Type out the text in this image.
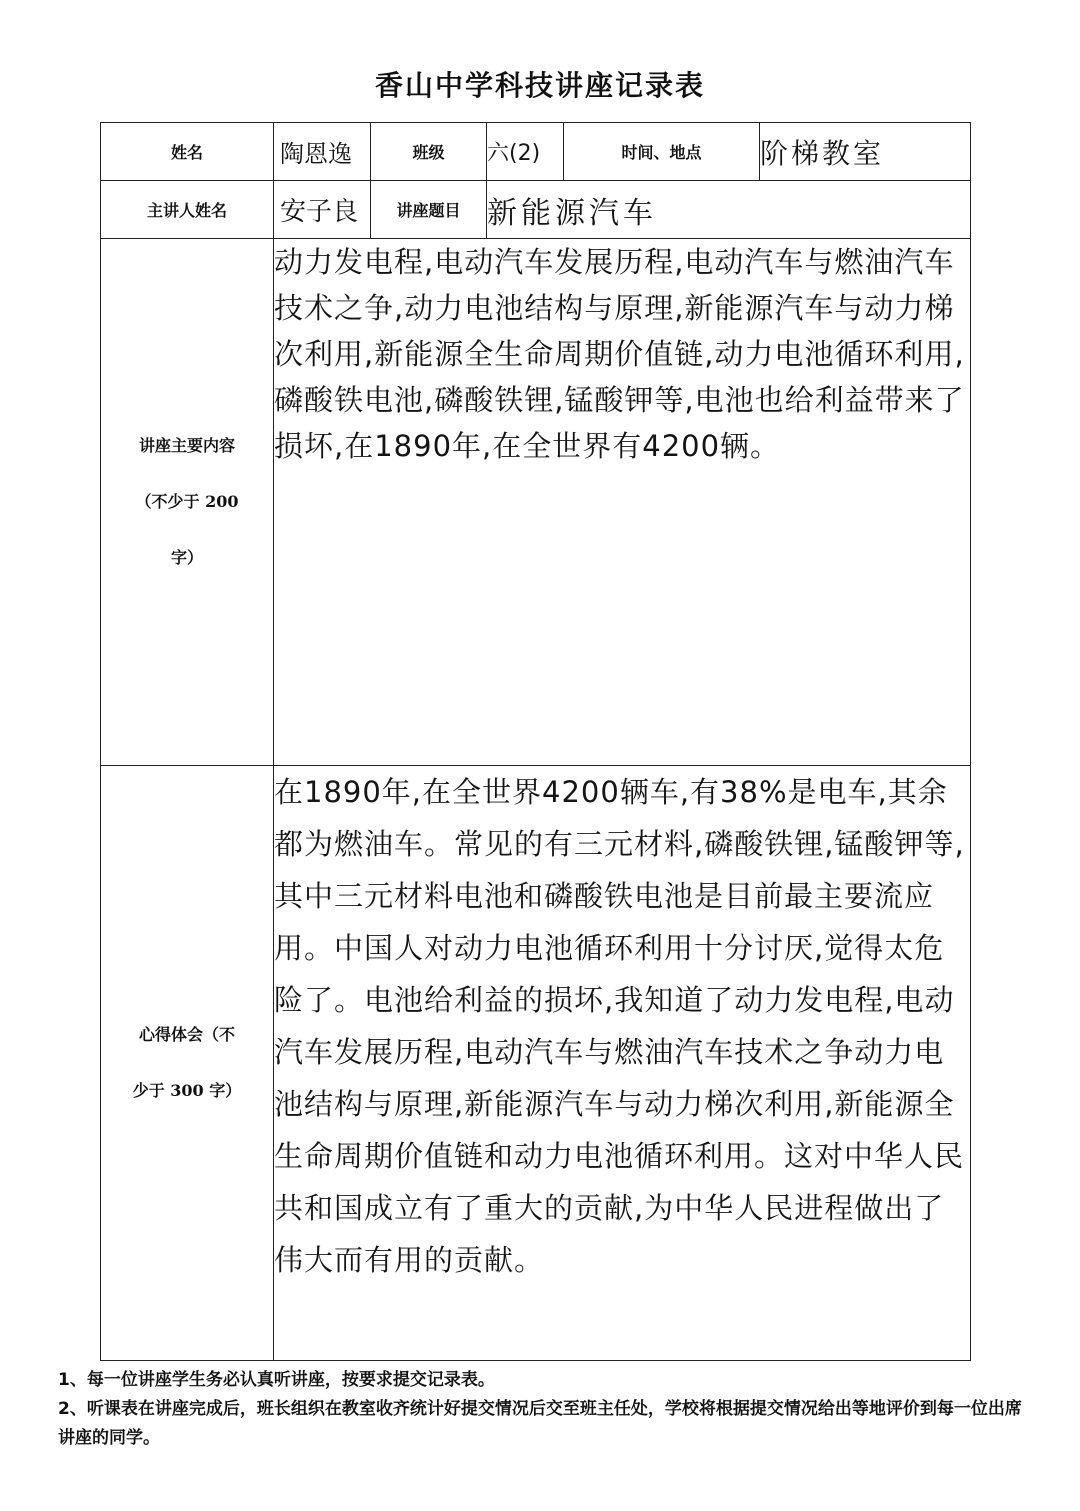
香山中学科技讲座记录表
姓名	陶恩逸	班级	六(2)	时间、地点	阶梯教室
主讲人姓名	安子良	讲座题目	新能源汽车		

讲座主要内容
（不少于 200
字）	动力发电程,电动汽车发展历程,电动汽车与燃油汽车技术之争,动力电池结构与原理,新能源汽车与动力梯次利用,新能源全生命周期价值链,动力电池循环利用,磷酸铁电池,磷酸铁锂,锰酸钾等,电池也给利益带来了损坏,在1890年,在全世界有4200辆。				

心得体会（不
少于 300 字）	在1890年,在全世界4200辆车,有38%是电车,其余都为燃油车。常见的有三元材料,磷酸铁锂,锰酸钾等,其中三元材料电池和磷酸铁电池是目前最主要流应用。中国人对动力电池循环利用十分讨厌,觉得太危险了。电池给利益的损坏,我知道了动力发电程,电动汽车发展历程,电动汽车与燃油汽车技术之争动力电池结构与原理,新能源汽车与动力梯次利用,新能源全生命周期价值链和动力电池循环利用。这对中华人民共和国成立有了重大的贡献,为中华人民进程做出了伟大而有用的贡献。				

1、每一位讲座学生务必认真听讲座，按要求提交记录表。

2、听课表在讲座完成后，班长组织在教室收齐统计好提交情况后交至班主任处，学校将根据提交情况给出等地评价到每一位出席讲座的同学。
